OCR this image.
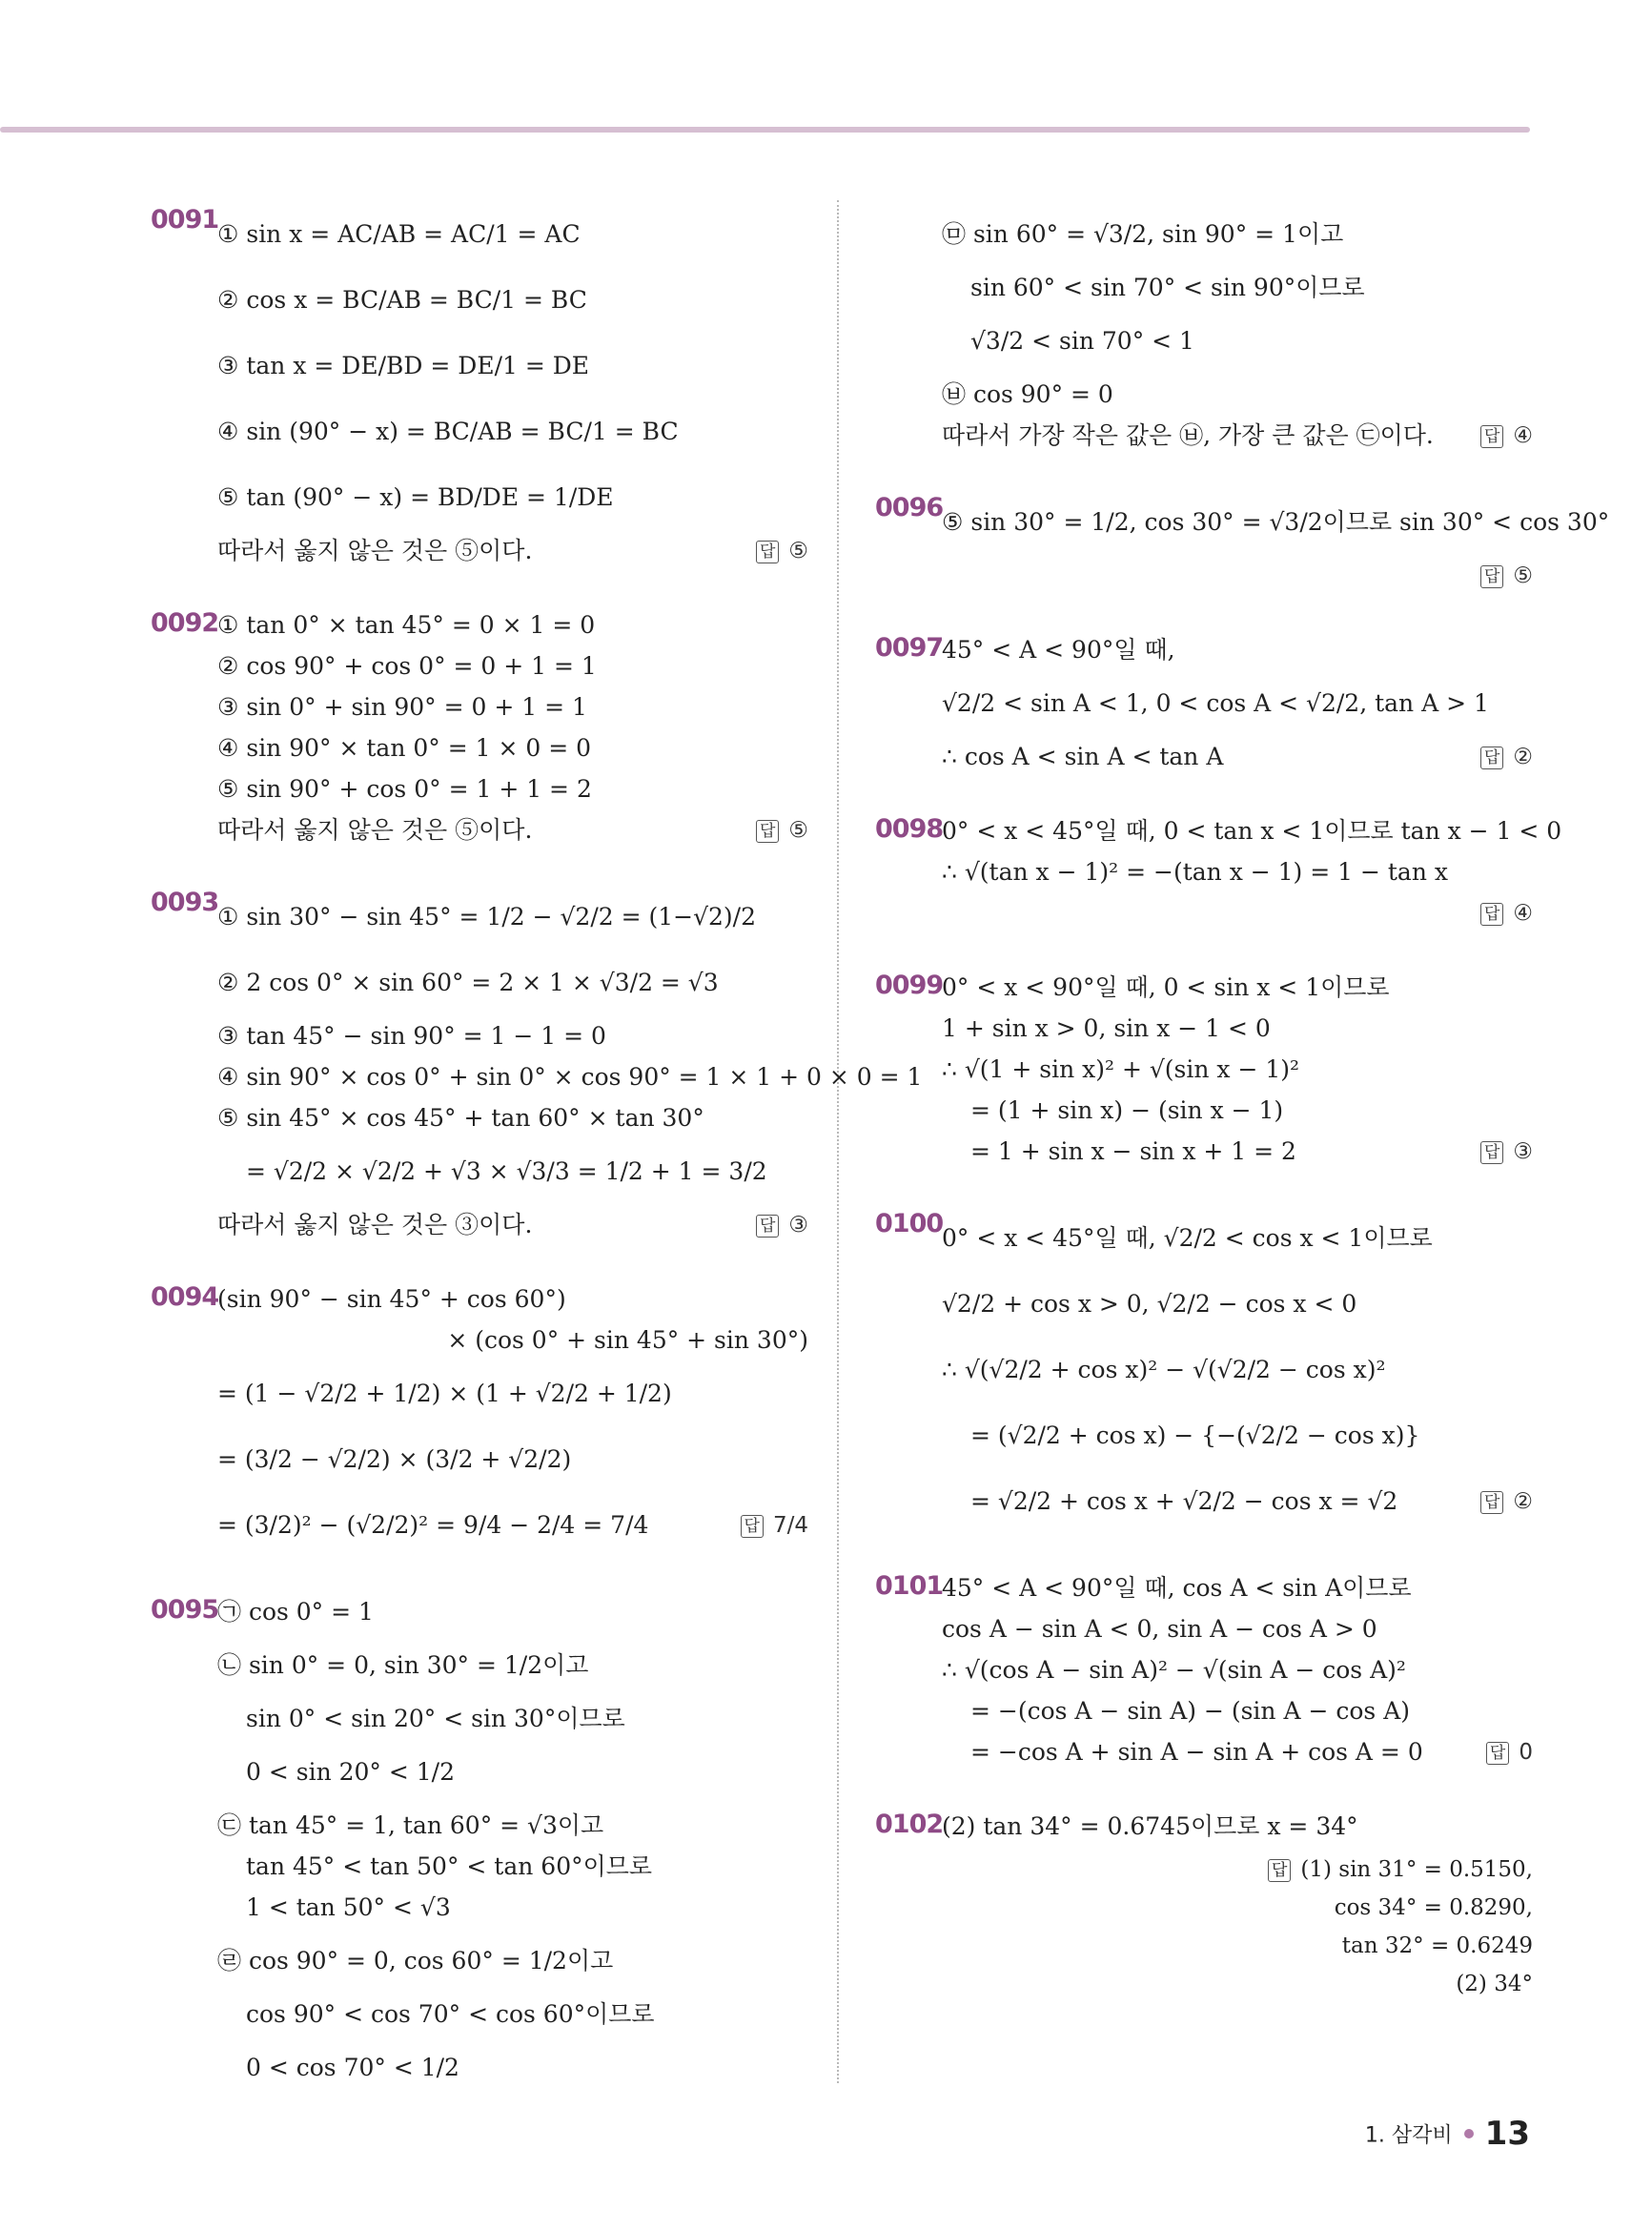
0091
① sin x = AC/AB = AC/1 = AC
② cos x = BC/AB = BC/1 = BC
③ tan x = DE/BD = DE/1 = DE
④ sin (90° − x) = BC/AB = BC/1 = BC
⑤ tan (90° − x) = BD/DE = 1/DE
따라서 옳지 않은 것은 ⑤이다.	답 ⑤
0092
① tan 0° × tan 45° = 0 × 1 = 0
② cos 90° + cos 0° = 0 + 1 = 1
③ sin 0° + sin 90° = 0 + 1 = 1
④ sin 90° × tan 0° = 1 × 0 = 0
⑤ sin 90° + cos 0° = 1 + 1 = 2
따라서 옳지 않은 것은 ⑤이다.	답 ⑤
0093
① sin 30° − sin 45° = 1/2 − √2/2 = (1−√2)/2
② 2 cos 0° × sin 60° = 2 × 1 × √3/2 = √3
③ tan 45° − sin 90° = 1 − 1 = 0
④ sin 90° × cos 0° + sin 0° × cos 90° = 1 × 1 + 0 × 0 = 1
⑤ sin 45° × cos 45° + tan 60° × tan 30°
= √2/2 × √2/2 + √3 × √3/3 = 1/2 + 1 = 3/2
따라서 옳지 않은 것은 ③이다.	답 ③
0094
(sin 90° − sin 45° + cos 60°)
× (cos 0° + sin 45° + sin 30°)
= (1 − √2/2 + 1/2) × (1 + √2/2 + 1/2)
= (3/2 − √2/2) × (3/2 + √2/2)
= (3/2)² − (√2/2)² = 9/4 − 2/4 = 7/4	답 7/4
0095
㉠ cos 0° = 1
㉡ sin 0° = 0, sin 30° = 1/2이고
sin 0° < sin 20° < sin 30°이므로
0 < sin 20° < 1/2
㉢ tan 45° = 1, tan 60° = √3이고
tan 45° < tan 50° < tan 60°이므로
1 < tan 50° < √3
㉣ cos 90° = 0, cos 60° = 1/2이고
cos 90° < cos 70° < cos 60°이므로
0 < cos 70° < 1/2
㉤ sin 60° = √3/2, sin 90° = 1이고
sin 60° < sin 70° < sin 90°이므로
√3/2 < sin 70° < 1
㉥ cos 90° = 0
따라서 가장 작은 값은 ㉥, 가장 큰 값은 ㉢이다.	답 ④
0096
⑤ sin 30° = 1/2, cos 30° = √3/2이므로 sin 30° < cos 30°
답 ⑤
0097
45° < A < 90°일 때,
√2/2 < sin A < 1, 0 < cos A < √2/2, tan A > 1
∴ cos A < sin A < tan A	답 ②
0098
0° < x < 45°일 때, 0 < tan x < 1이므로 tan x − 1 < 0
∴ √(tan x − 1)² = −(tan x − 1) = 1 − tan x
답 ④
0099
0° < x < 90°일 때, 0 < sin x < 1이므로
1 + sin x > 0, sin x − 1 < 0
∴ √(1 + sin x)² + √(sin x − 1)²
= (1 + sin x) − (sin x − 1)
= 1 + sin x − sin x + 1 = 2	답 ③
0100
0° < x < 45°일 때, √2/2 < cos x < 1이므로
√2/2 + cos x > 0, √2/2 − cos x < 0
∴ √(√2/2 + cos x)² − √(√2/2 − cos x)²
= (√2/2 + cos x) − {−(√2/2 − cos x)}
= √2/2 + cos x + √2/2 − cos x = √2	답 ②
0101
45° < A < 90°일 때, cos A < sin A이므로
cos A − sin A < 0, sin A − cos A > 0
∴ √(cos A − sin A)² − √(sin A − cos A)²
= −(cos A − sin A) − (sin A − cos A)
= −cos A + sin A − sin A + cos A = 0	답 0
0102
(2) tan 34° = 0.6745이므로 x = 34°
답 (1) sin 31° = 0.5150,
cos 34° = 0.8290,
tan 32° = 0.6249
(2) 34°
1. 삼각비 13
